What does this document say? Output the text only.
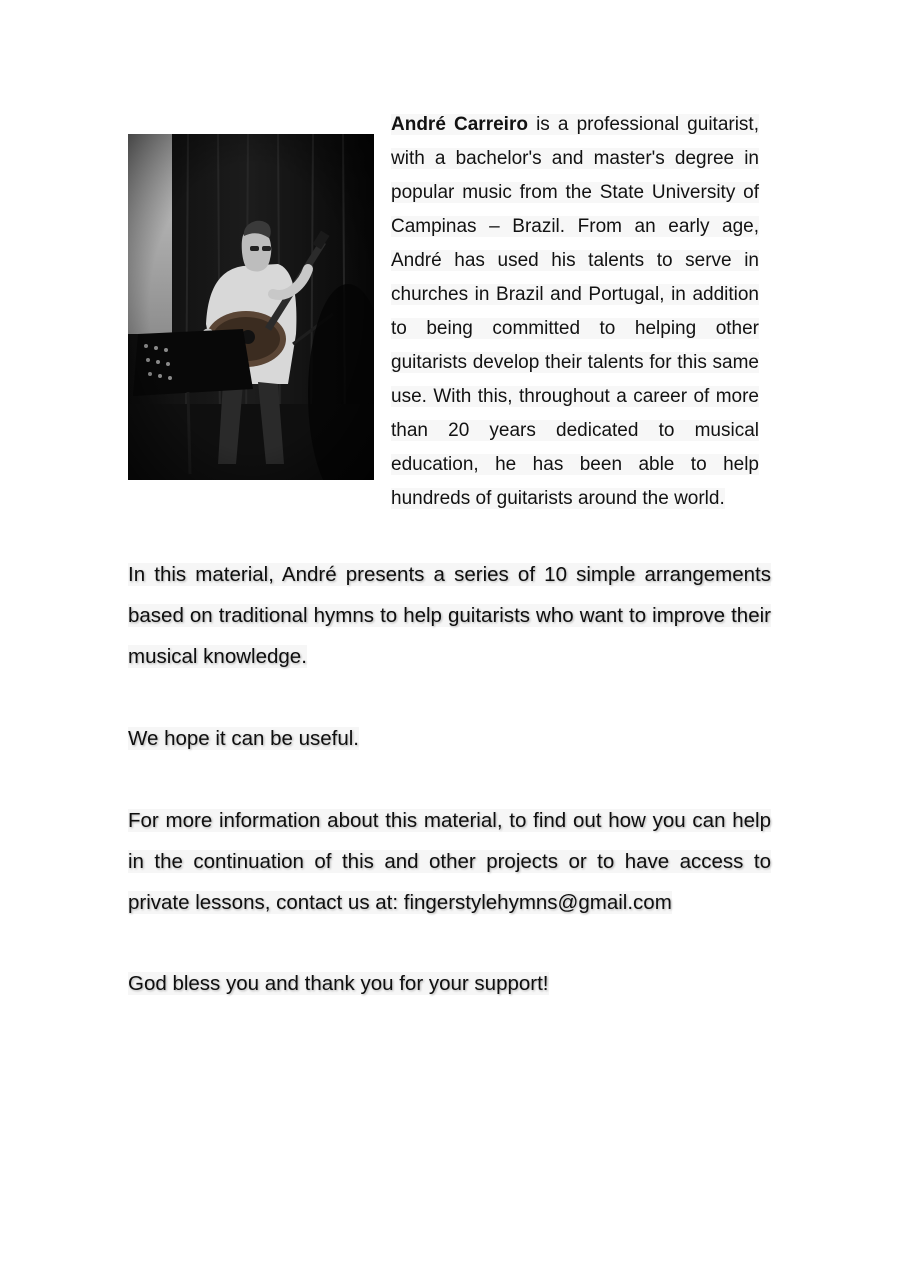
André Carreiro is a professional guitarist, with a bachelor's and master's degree in popular music from the State University of Campinas – Brazil. From an early age, André has used his talents to serve in churches in Brazil and Portugal, in addition to being committed to helping other guitarists develop their talents for this same use. With this, throughout a career of more than 20 years dedicated to musical education, he has been able to help hundreds of guitarists around the world.
In this material, André presents a series of 10 simple arrangements based on traditional hymns to help guitarists who want to improve their musical knowledge.
We hope it can be useful.
For more information about this material, to find out how you can help in the continuation of this and other projects or to have access to private lessons, contact us at: fingerstylehymns@gmail.com
God bless you and thank you for your support!
